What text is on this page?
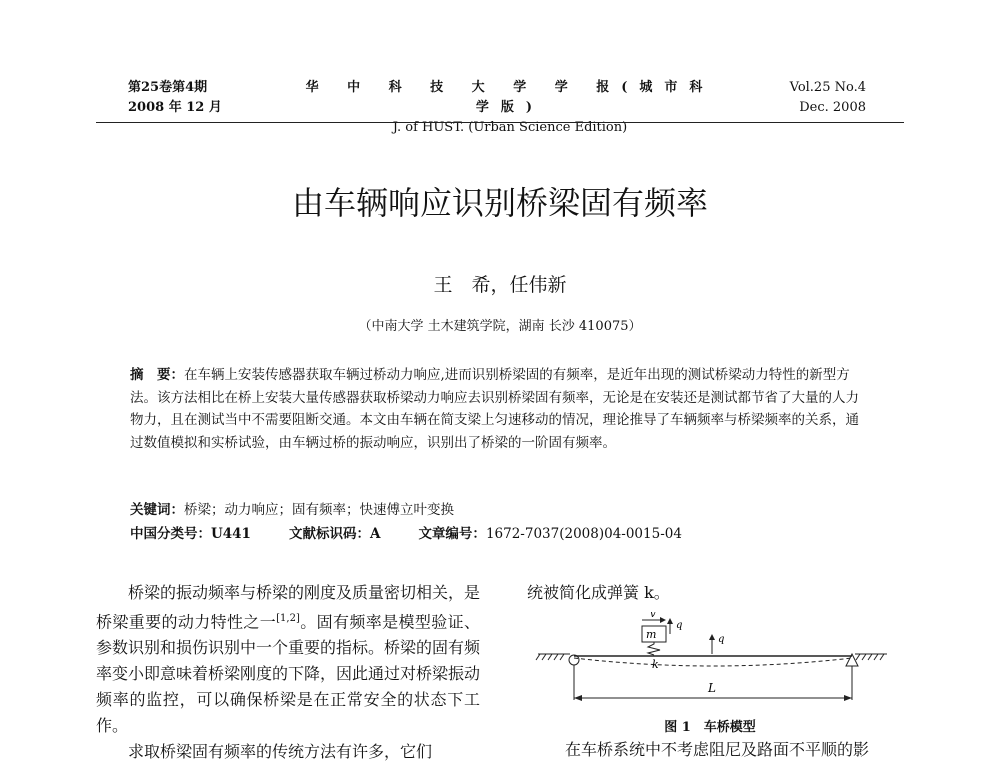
第25卷第4期
2008 年 12 月
华 中 科 技 大 学 学 报(城市科学版)
J. of HUST. (Urban Science Edition)
Vol.25 No.4
Dec. 2008
由车辆响应识别桥梁固有频率
王　希，任伟新
（中南大学 土木建筑学院，湖南 长沙 410075）
摘　要：在车辆上安装传感器获取车辆过桥动力响应,进而识别桥梁固的有频率，是近年出现的测试桥梁动力特性的新型方法。该方法相比在桥上安装大量传感器获取桥梁动力响应去识别桥梁固有频率，无论是在安装还是测试都节省了大量的人力物力，且在测试当中不需要阻断交通。本文由车辆在简支梁上匀速移动的情况，理论推导了车辆频率与桥梁频率的关系，通过数值模拟和实桥试验，由车辆过桥的振动响应，识别出了桥梁的一阶固有频率。
关键词：桥梁；动力响应；固有频率；快速傅立叶变换
中国分类号：U441	文献标识码：A	文章编号：1672-7037(2008)04-0015-04

桥梁的振动频率与桥梁的刚度及质量密切相关，是桥梁重要的动力特性之一[1,2]。固有频率是模型验证、参数识别和损伤识别中一个重要的指标。桥梁的固有频率变小即意味着桥梁刚度的下降，因此通过对桥梁振动频率的监控，可以确保桥梁是在正常安全的状态下工作。

求取桥梁固有频率的传统方法有许多，它们

统被简化成弹簧 k。
m
v
k
q
q
L
图 1　车桥模型
在车桥系统中不考虑阻尼及路面不平顺的影
